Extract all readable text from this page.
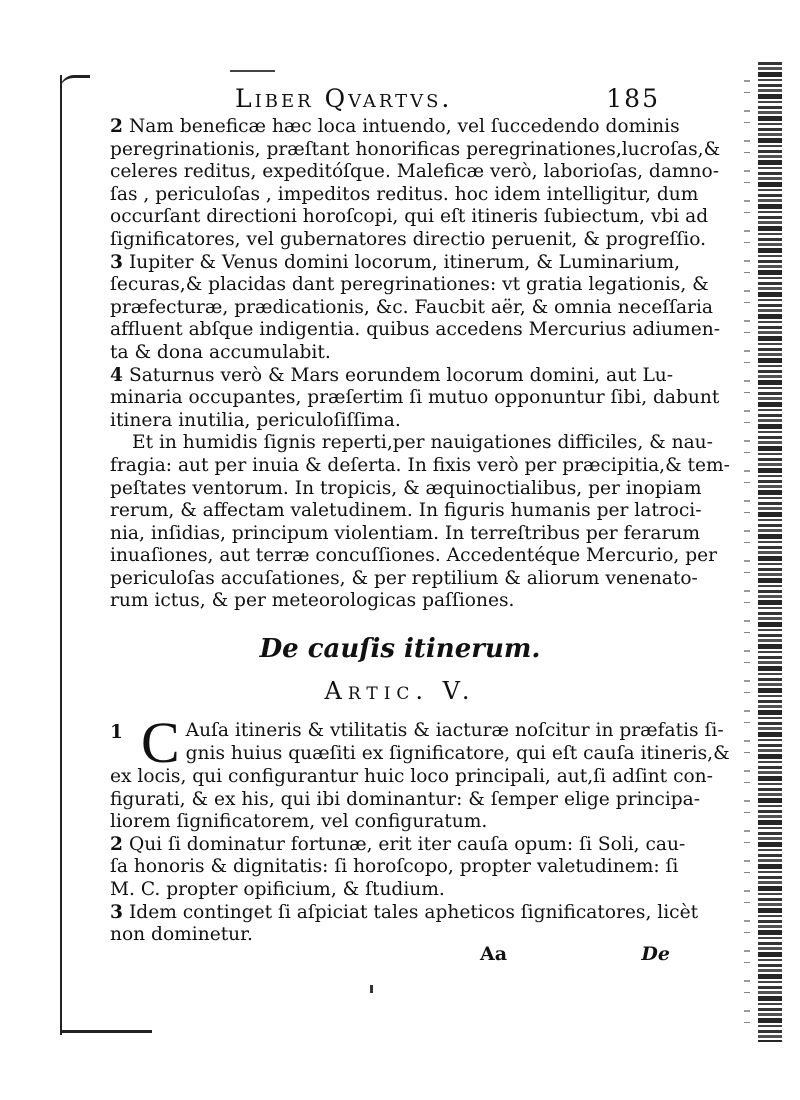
Liber Qvartvs.	185
2 Nam beneficæ hæc loca intuendo, vel ſuccedendo dominis
peregrinationis, præſtant honorificas peregrinationes,lucroſas,&
celeres reditus, expeditóſque. Maleficæ verò, laborioſas, damno-
ſas , periculoſas , impeditos reditus. hoc idem intelligitur, dum
occurſant directioni horoſcopi, qui eſt itineris ſubiectum, vbi ad
ſignificatores, vel gubernatores directio peruenit, & progreſſio.
3 Iupiter & Venus domini locorum, itinerum, & Luminarium,
ſecuras,& placidas dant peregrinationes: vt gratia legationis, &
præfecturæ, prædicationis, &c. Faucbit aër, & omnia neceſſaria
affluent abſque indigentia. quibus accedens Mercurius adiumen-
ta & dona accumulabit.
4 Saturnus verò & Mars eorundem locorum domini, aut Lu-
minaria occupantes, præſertim ſi mutuo opponuntur ſibi, dabunt
itinera inutilia, periculoſiſſima.
Et in humidis ſignis reperti,per nauigationes difficiles, & nau-
fragia: aut per inuia & deſerta. In fixis verò per præcipitia,& tem-
peſtates ventorum. In tropicis, & æquinoctialibus, per inopiam
rerum, & affectam valetudinem. In figuris humanis per latroci-
nia, inſidias, principum violentiam. In terreſtribus per ferarum
inuaſiones, aut terræ concuſſiones. Accedentéque Mercurio, per
periculoſas accuſationes, & per reptilium & aliorum venenato-
rum ictus, & per meteorologicas paſſiones.
De cauſis itinerum.
Artic. V.
1 C Auſa itineris & vtilitatis & iacturæ noſcitur in præfatis ſi-
gnis huius quæſiti ex ſignificatore, qui eſt cauſa itineris,&
ex locis, qui configurantur huic loco principali, aut,ſi adſint con-
figurati, & ex his, qui ibi dominantur: & ſemper elige principa-
liorem ſignificatorem, vel configuratum.
2 Qui ſi dominatur fortunæ, erit iter cauſa opum: ſi Soli, cau-
ſa honoris & dignitatis: ſi horoſcopo, propter valetudinem: ſi
M. C. propter opificium, & ſtudium.
3 Idem continget ſi aſpiciat tales apheticos ſignificatores, licèt
non dominetur.
Aa	De
